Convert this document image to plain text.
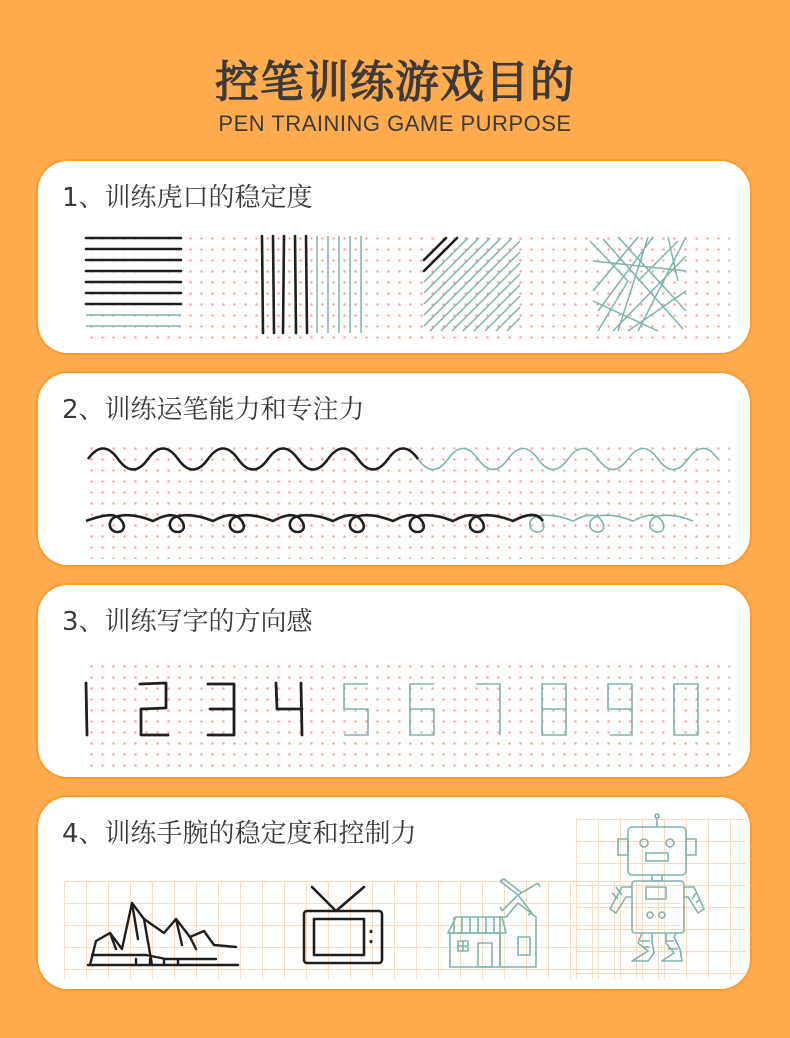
控笔训练游戏目的
PEN TRAINING GAME PURPOSE
1、训练虎口的稳定度
2、训练运笔能力和专注力
3、训练写字的方向感
4、训练手腕的稳定度和控制力
